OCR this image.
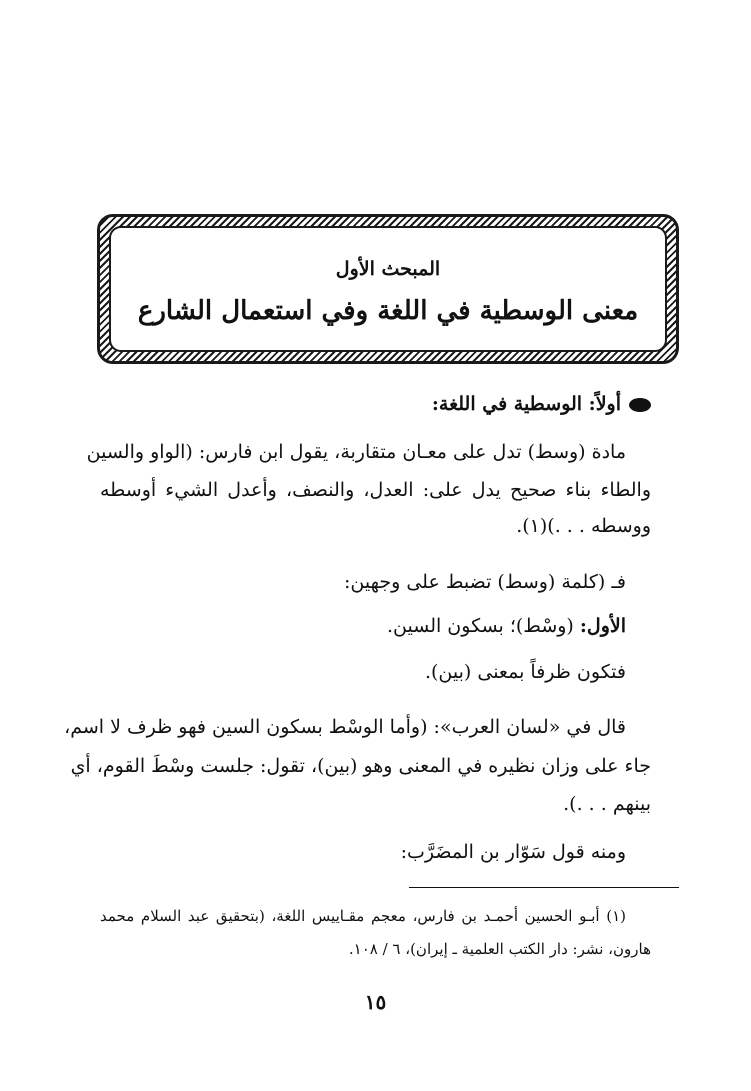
المبحث الأول
معنى الوسطية في اللغة وفي استعمال الشارع
أولاً: الوسطية في اللغة:
مادة (وسط) تدل على معـان متقاربة، يقول ابن فارس: (الواو والسين
والطاء بناء صحيح يدل على: العدل، والنصف، وأعدل الشيء أوسطه
ووسطه . . .)(١).
فـ (كلمة (وسط) تضبط على وجهين:
الأول: (وسْط)؛ بسكون السين.
فتكون ظرفاً بمعنى (بين).
قال في «لسان العرب»: (وأما الوسْط بسكون السين فهو ظرف لا اسم،
جاء على وزان نظيره في المعنى وهو (بين)، تقول: جلست وسْطَ القوم، أي
بينهم . . .).
ومنه قول سَوّار بن المضَرَّب:
(١) أبـو الحسين أحمـد بن فارس، معجم مقـاييس اللغة، (بتحقيق عبد السلام محمد
هارون، نشر: دار الكتب العلمية ـ إيران)، ٦ / ١٠٨.
١٥
